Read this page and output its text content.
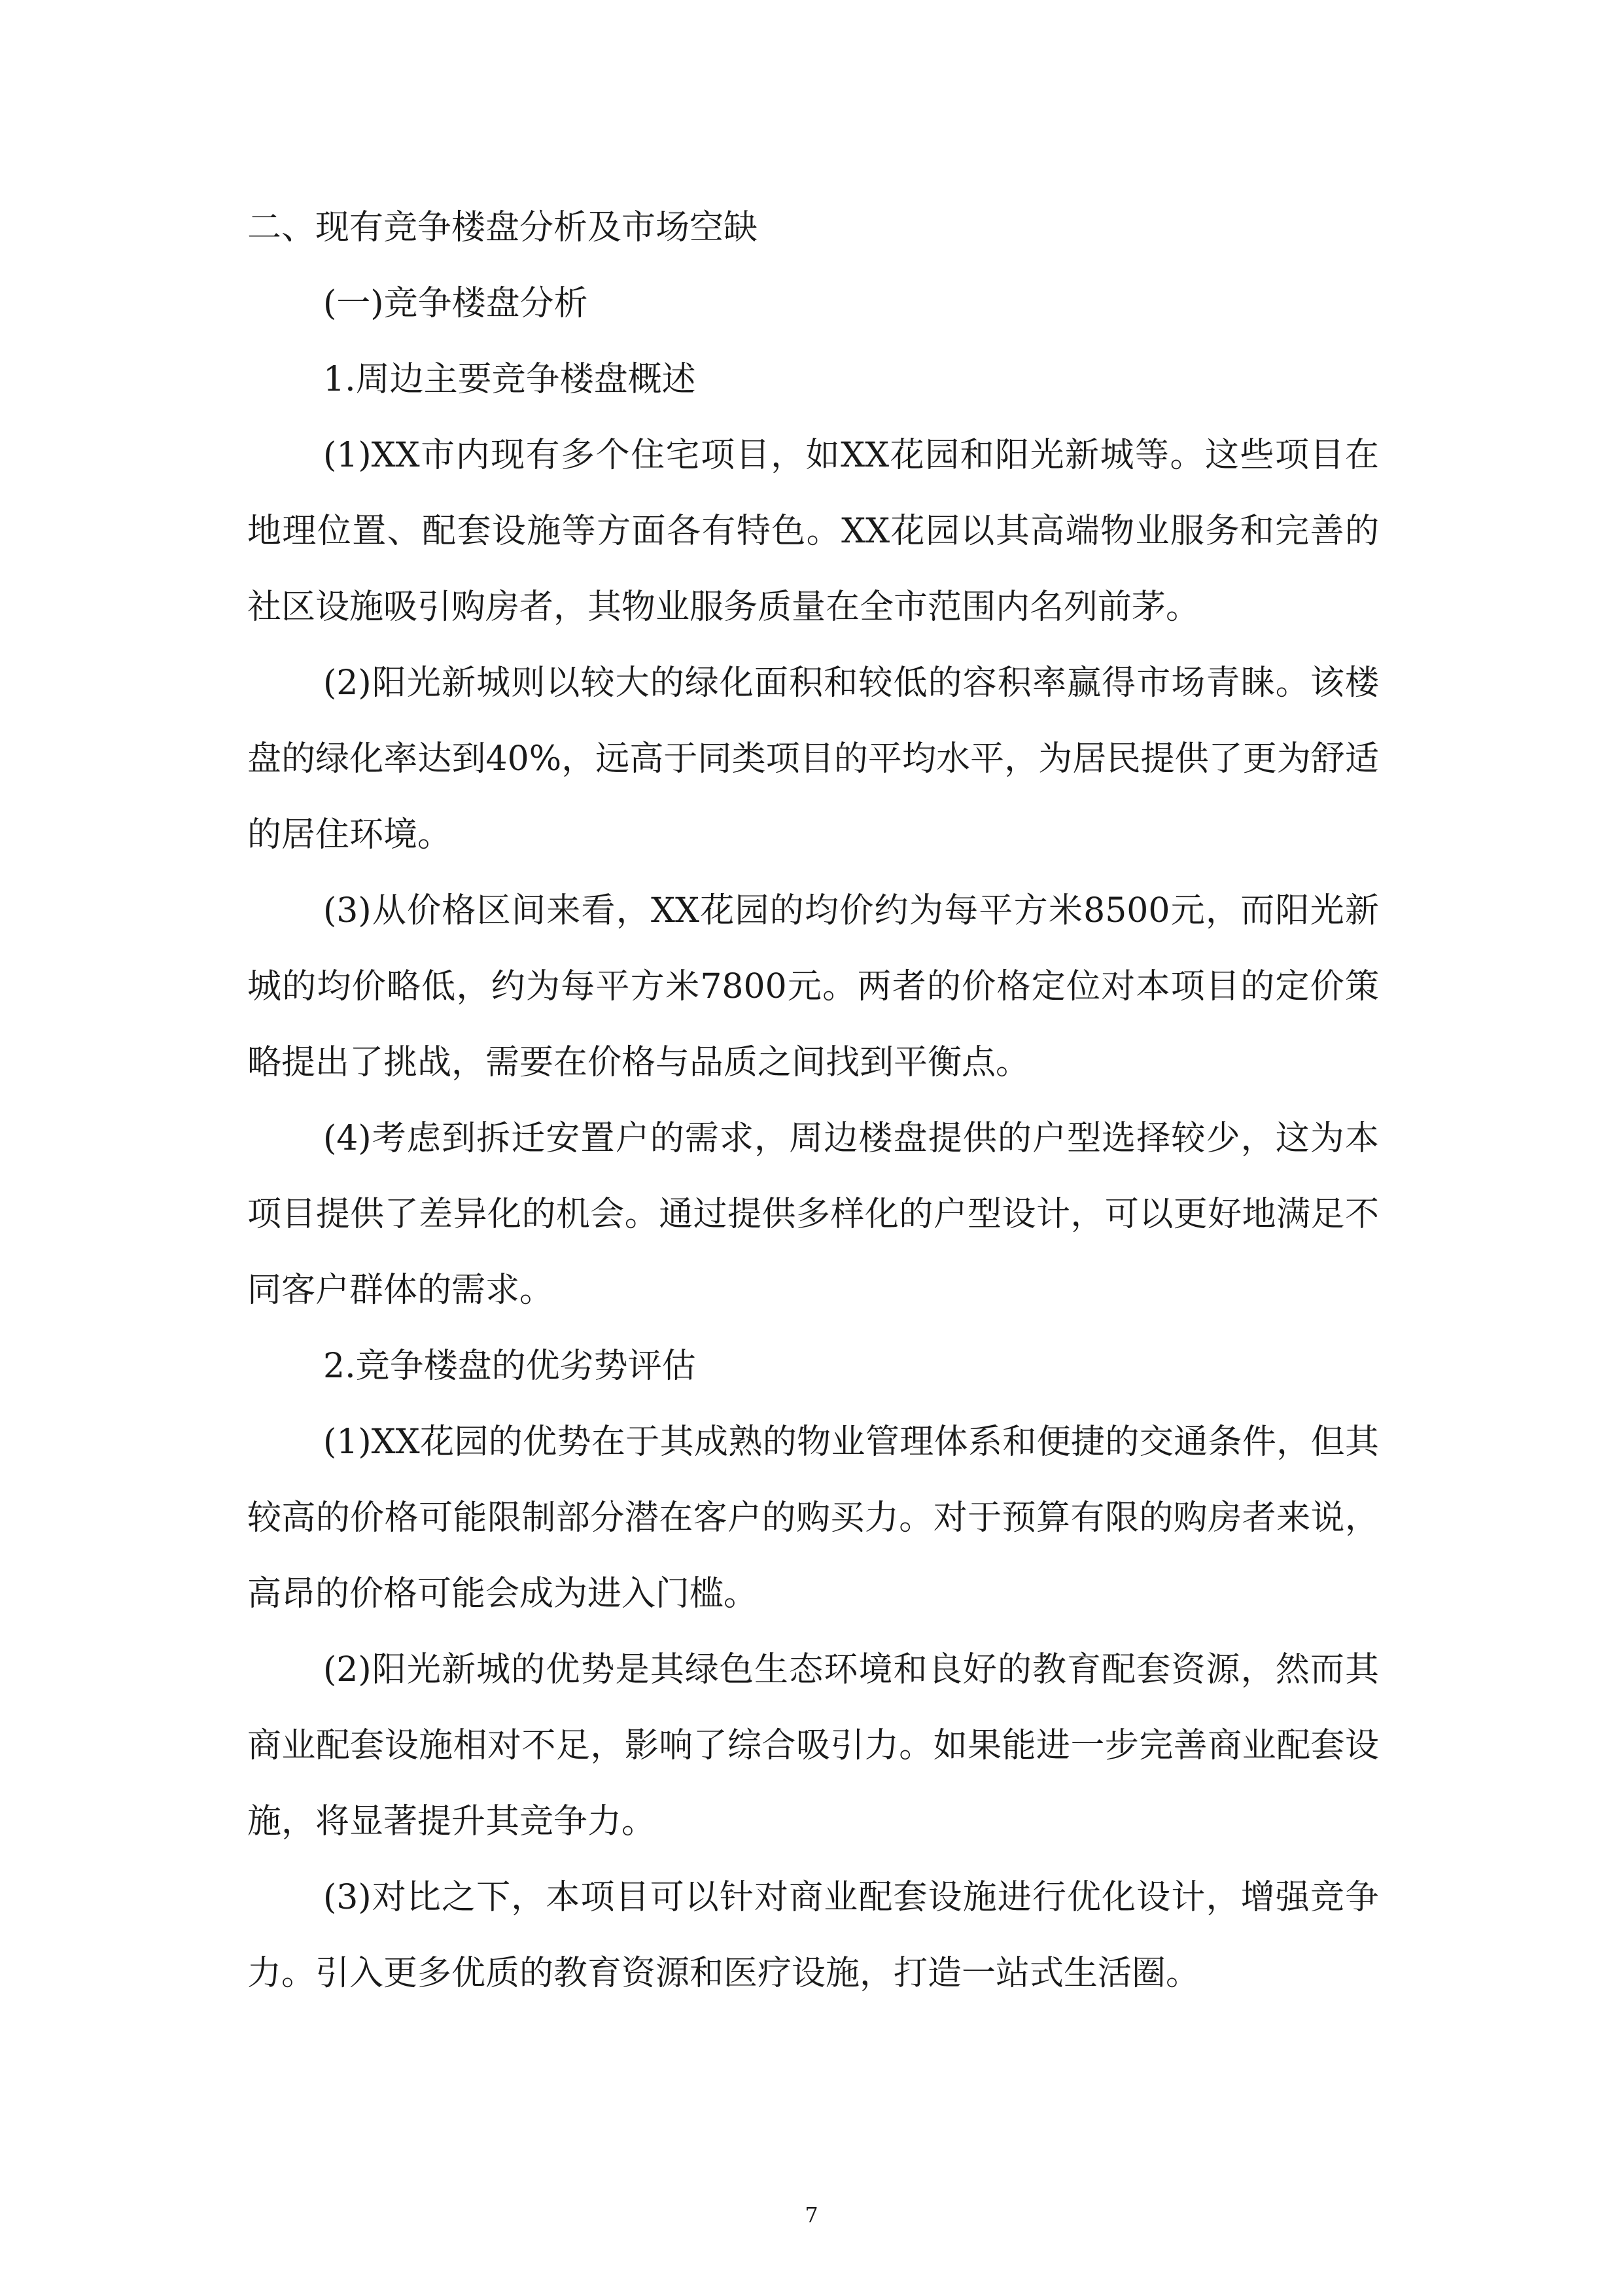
二、现有竞争楼盘分析及市场空缺

(一)竞争楼盘分析

1.周边主要竞争楼盘概述

(1)XX市内现有多个住宅项目，如XX花园和阳光新城等。这些项目在地理位置、配套设施等方面各有特色。XX花园以其高端物业服务和完善的社区设施吸引购房者，其物业服务质量在全市范围内名列前茅。

(2)阳光新城则以较大的绿化面积和较低的容积率赢得市场青睐。该楼盘的绿化率达到40%，远高于同类项目的平均水平，为居民提供了更为舒适的居住环境。

(3)从价格区间来看，XX花园的均价约为每平方米8500元，而阳光新城的均价略低，约为每平方米7800元。两者的价格定位对本项目的定价策略提出了挑战，需要在价格与品质之间找到平衡点。

(4)考虑到拆迁安置户的需求，周边楼盘提供的户型选择较少，这为本项目提供了差异化的机会。通过提供多样化的户型设计，可以更好地满足不同客户群体的需求。

2.竞争楼盘的优劣势评估

(1)XX花园的优势在于其成熟的物业管理体系和便捷的交通条件，但其较高的价格可能限制部分潜在客户的购买力。对于预算有限的购房者来说，高昂的价格可能会成为进入门槛。

(2)阳光新城的优势是其绿色生态环境和良好的教育配套资源，然而其商业配套设施相对不足，影响了综合吸引力。如果能进一步完善商业配套设施，将显著提升其竞争力。

(3)对比之下，本项目可以针对商业配套设施进行优化设计，增强竞争力。引入更多优质的教育资源和医疗设施，打造一站式生活圈。

7
